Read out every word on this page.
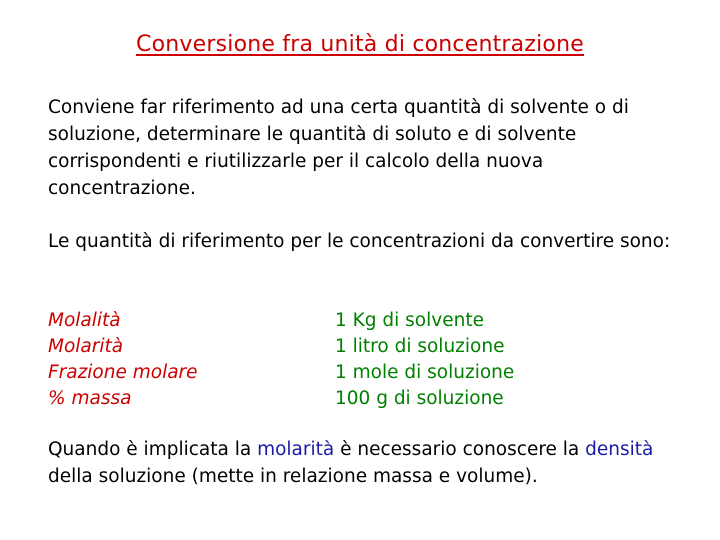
Conversione fra unità di concentrazione
Conviene far riferimento ad una certa quantità di solvente o di soluzione, determinare le quantità di soluto e di solvente corrispondenti e riutilizzarle per il calcolo della nuova concentrazione.
Le quantità di riferimento per le concentrazioni da convertire sono:
Molalità
Molarità
Frazione molare
% massa
1 Kg di solvente
1 litro di soluzione
1 mole di soluzione
100 g di soluzione
Quando è implicata la molarità è necessario conoscere la densità della soluzione (mette in relazione massa e volume).
